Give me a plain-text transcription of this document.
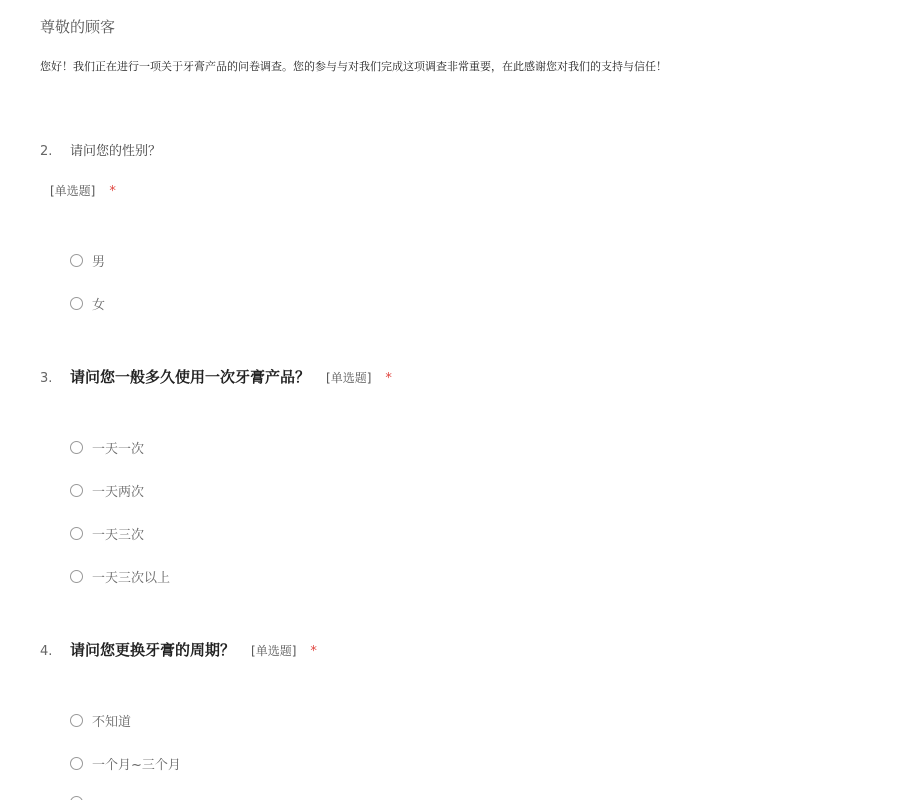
尊敬的顾客

您好！我们正在进行一项关于牙膏产品的问卷调查。您的参与与对我们完成这项调查非常重要，在此感谢您对我们的支持与信任！

2.	请问您的性别？
[单选题] *
男
女
3.	请问您一般多久使用一次牙膏产品？ [单选题] *
一天一次
一天两次
一天三次
一天三次以上
4.	请问您更换牙膏的周期？ [单选题] *
不知道
一个月~三个月
